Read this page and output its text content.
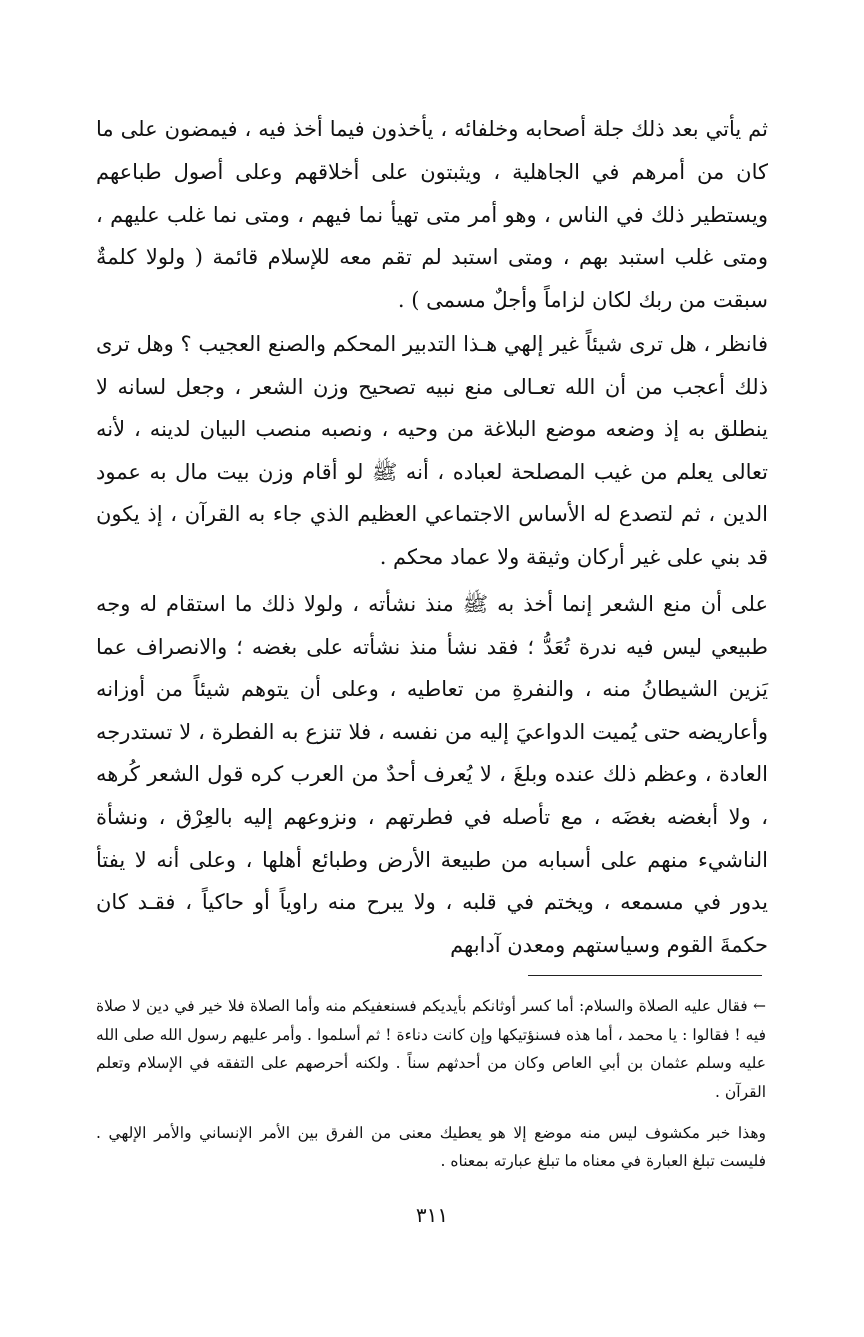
ثم يأتي بعد ذلك جلة أصحابه وخلفائه ، يأخذون فيما أخذ فيه ، فيمضون على ما كان من أمرهم في الجاهلية ، ويثبتون على أخلاقهم وعلى أصول طباعهم ويستطير ذلك في الناس ، وهو أمر متى تهيأ نما فيهم ، ومتى نما غلب عليهم ، ومتى غلب استبد بهم ، ومتى استبد لم تقم معه للإسلام قائمة ( ولولا كلمةٌ سبقت من ربك لكان لزاماً وأجلٌ مسمى ) .

فانظر ، هل ترى شيئاً غير إلهي هـذا التدبير المحكم والصنع العجيب ؟ وهل ترى ذلك أعجب من أن الله تعـالى منع نبيه تصحيح وزن الشعر ، وجعل لسانه لا ينطلق به إذ وضعه موضع البلاغة من وحيه ، ونصبه منصب البيان لدينه ، لأنه تعالى يعلم من غيب المصلحة لعباده ، أنه ﷺ لو أقام وزن بيت مال به عمود الدين ، ثم لتصدع له الأساس الاجتماعي العظيم الذي جاء به القرآن ، إذ يكون قد بني على غير أركان وثيقة ولا عماد محكم .

على أن منع الشعر إنما أخذ به ﷺ منذ نشأته ، ولولا ذلك ما استقام له وجه طبيعي ليس فيه ندرة تُعَدُّ ؛ فقد نشأ منذ نشأته على بغضه ؛ والانصراف عما يَزين الشيطانُ منه ، والنفرةِ من تعاطيه ، وعلى أن يتوهم شيئاً من أوزانه وأعاريضه حتى يُميت الدواعيَ إليه من نفسه ، فلا تنزع به الفطرة ، لا تستدرجه العادة ، وعظم ذلك عنده وبلغَ ، لا يُعرف أحدٌ من العرب كره قول الشعر كُرهه ، ولا أبغضه بغضَه ، مع تأصله في فطرتهم ، ونزوعهم إليه بالعِرْق ، ونشأة الناشيء منهم على أسبابه من طبيعة الأرض وطبائع أهلها ، وعلى أنه لا يفتأ يدور في مسمعه ، ويختم في قلبه ، ولا يبرح منه راوياً أو حاكياً ، فقـد كان حكمةَ القوم وسياستهم ومعدن آدابهم

← فقال عليه الصلاة والسلام: أما كسر أوثانكم بأيديكم فسنعفيكم منه وأما الصلاة فلا خير في دين لا صلاة فيه ! فقالوا : يا محمد ، أما هذه فسنؤتيكها وإن كانت دناءة ! ثم أسلموا . وأمر عليهم رسول الله صلى الله عليه وسلم عثمان بن أبي العاص وكان من أحدثهم سناً . ولكنه أحرصهم على التفقه في الإسلام وتعلم القرآن .

وهذا خبر مكشوف ليس منه موضع إلا هو يعطيك معنى من الفرق بين الأمر الإنساني والأمر الإلهي . فليست تبلغ العبارة في معناه ما تبلغ عبارته بمعناه .

٣١١
